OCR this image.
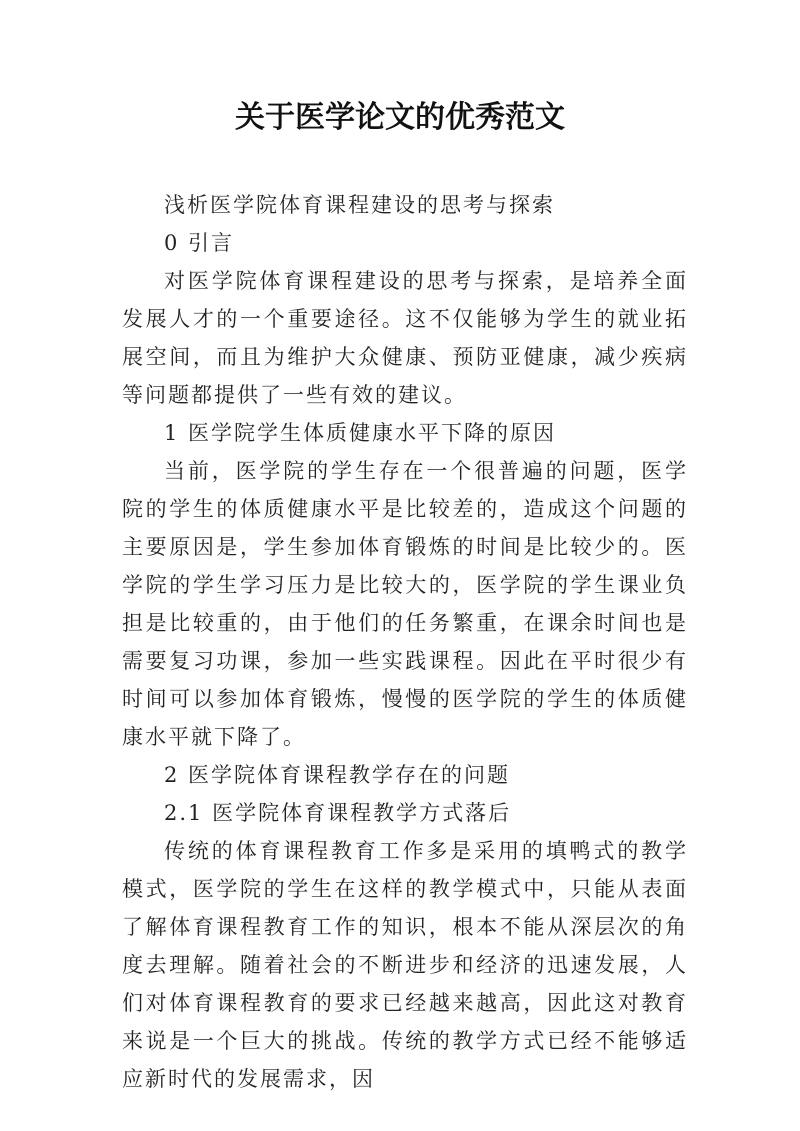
关于医学论文的优秀范文

浅析医学院体育课程建设的思考与探索

0 引言

对医学院体育课程建设的思考与探索，是培养全面发展人才的一个重要途径。这不仅能够为学生的就业拓展空间，而且为维护大众健康、预防亚健康，减少疾病等问题都提供了一些有效的建议。

1 医学院学生体质健康水平下降的原因

当前，医学院的学生存在一个很普遍的问题，医学院的学生的体质健康水平是比较差的，造成这个问题的主要原因是，学生参加体育锻炼的时间是比较少的。医学院的学生学习压力是比较大的，医学院的学生课业负担是比较重的，由于他们的任务繁重，在课余时间也是需要复习功课，参加一些实践课程。因此在平时很少有时间可以参加体育锻炼，慢慢的医学院的学生的体质健康水平就下降了。

2 医学院体育课程教学存在的问题

2.1 医学院体育课程教学方式落后

传统的体育课程教育工作多是采用的填鸭式的教学模式，医学院的学生在这样的教学模式中，只能从表面了解体育课程教育工作的知识，根本不能从深层次的角度去理解。随着社会的不断进步和经济的迅速发展，人们对体育课程教育的要求已经越来越高，因此这对教育来说是一个巨大的挑战。传统的教学方式已经不能够适应新时代的发展需求，因
